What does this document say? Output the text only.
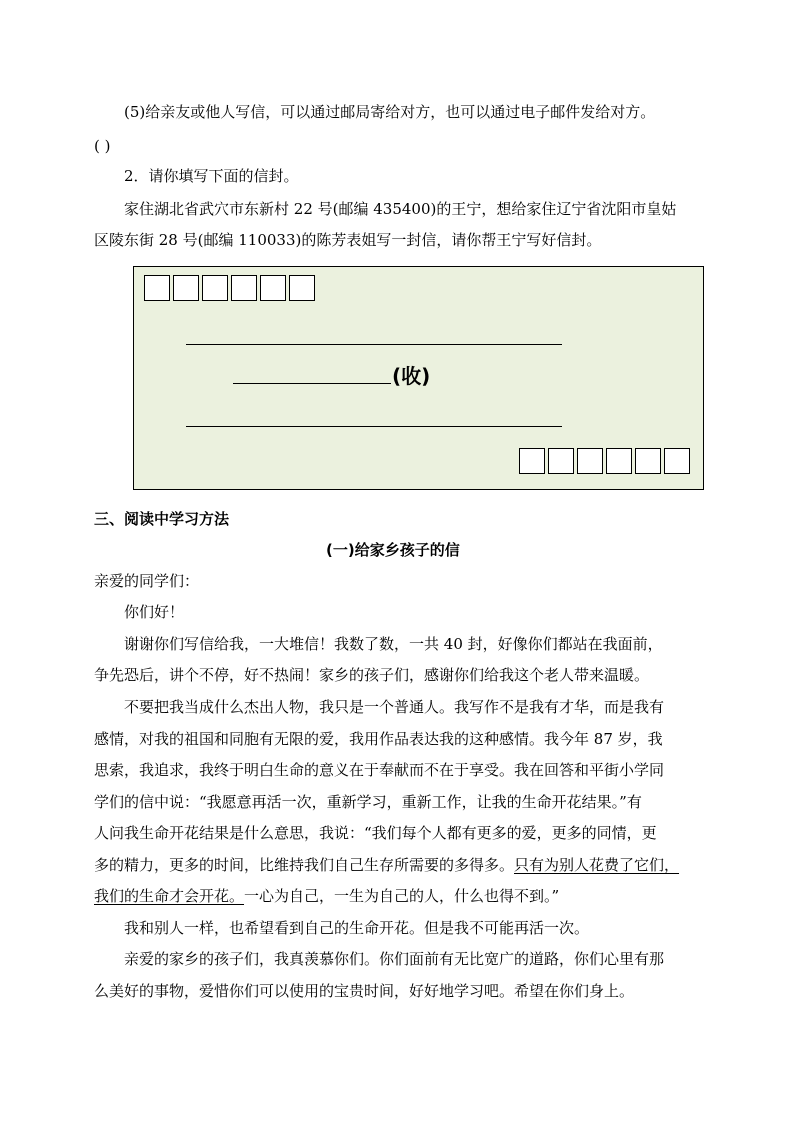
(5)给亲友或他人写信，可以通过邮局寄给对方，也可以通过电子邮件发给对方。
( )
2．请你填写下面的信封。
家住湖北省武穴市东新村 22 号(邮编 435400)的王宁，想给家住辽宁省沈阳市皇姑
区陵东街 28 号(邮编 110033)的陈芳表姐写一封信，请你帮王宁写好信封。
(收)
三、阅读中学习方法
(一)给家乡孩子的信
亲爱的同学们：
你们好！
谢谢你们写信给我，一大堆信！我数了数，一共 40 封，好像你们都站在我面前，
争先恐后，讲个不停，好不热闹！家乡的孩子们，感谢你们给我这个老人带来温暖。
不要把我当成什么杰出人物，我只是一个普通人。我写作不是我有才华，而是我有
感情，对我的祖国和同胞有无限的爱，我用作品表达我的这种感情。我今年 87 岁，我
思索，我追求，我终于明白生命的意义在于奉献而不在于享受。我在回答和平街小学同
学们的信中说：“我愿意再活一次，重新学习，重新工作，让我的生命开花结果。”有
人问我生命开花结果是什么意思，我说：“我们每个人都有更多的爱，更多的同情，更
多的精力，更多的时间，比维持我们自己生存所需要的多得多。只有为别人花费了它们，
我们的生命才会开花。一心为自己，一生为自己的人，什么也得不到。”
我和别人一样，也希望看到自己的生命开花。但是我不可能再活一次。
亲爱的家乡的孩子们，我真羡慕你们。你们面前有无比宽广的道路，你们心里有那
么美好的事物，爱惜你们可以使用的宝贵时间，好好地学习吧。希望在你们身上。
